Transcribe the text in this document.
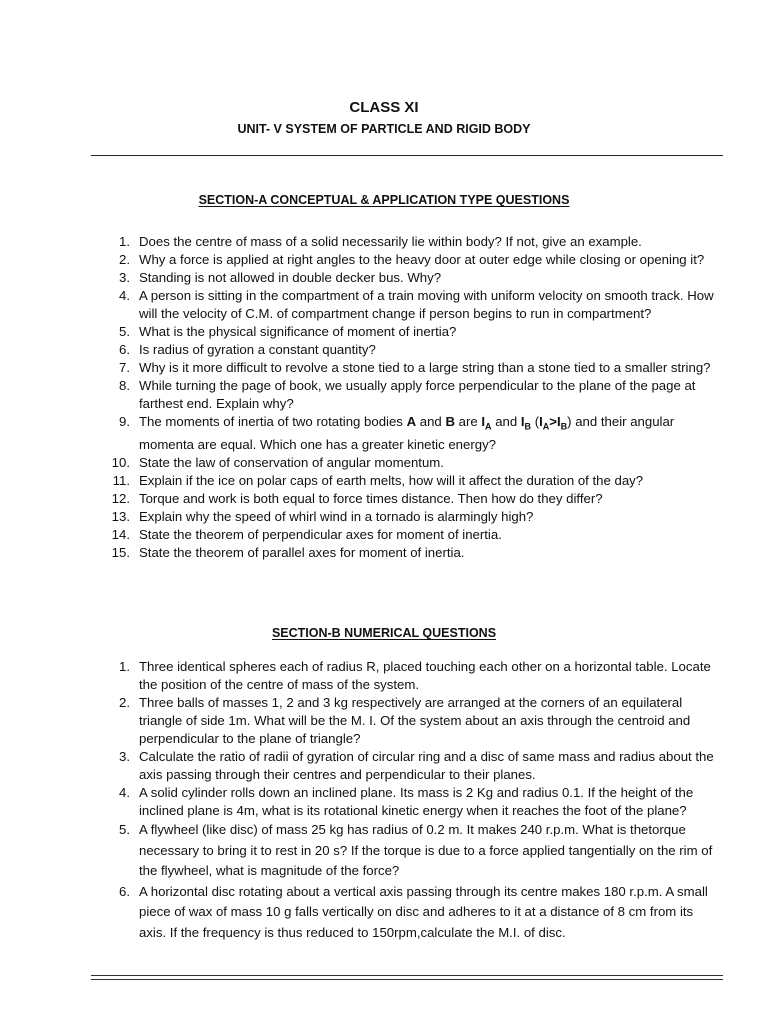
CLASS XI
UNIT- V SYSTEM OF PARTICLE AND RIGID BODY
SECTION-A CONCEPTUAL & APPLICATION TYPE QUESTIONS
1. Does the centre of mass of a solid necessarily lie within body? If not, give an example.
2. Why a force is applied at right angles to the heavy door at outer edge while closing or opening it?
3. Standing is not allowed in double decker bus. Why?
4. A person is sitting in the compartment of a train moving with uniform velocity on smooth track. How will the velocity of C.M. of compartment change if person begins to run in compartment?
5. What is the physical significance of moment of inertia?
6. Is radius of gyration a constant quantity?
7. Why is it more difficult to revolve a stone tied to a large string than a stone tied to a smaller string?
8. While turning the page of book, we usually apply force perpendicular to the plane of the page at farthest end. Explain why?
9. The moments of inertia of two rotating bodies A and B are $I_A$ and $I_B$ $(I_A>I_B)$ and their angular momenta are equal. Which one has a greater kinetic energy?
10. State the law of conservation of angular momentum.
11. Explain if the ice on polar caps of earth melts, how will it affect the duration of the day?
12. Torque and work is both equal to force times distance. Then how do they differ?
13. Explain why the speed of whirl wind in a tornado is alarmingly high?
14. State the theorem of perpendicular axes for moment of inertia.
15. State the theorem of parallel axes for moment of inertia.
SECTION-B NUMERICAL QUESTIONS
1. Three identical spheres each of radius R, placed touching each other on a horizontal table. Locate the position of the centre of mass of the system.
2. Three balls of masses 1, 2 and 3 kg respectively are arranged at the corners of an equilateral triangle of side 1m. What will be the M. I. Of the system about an axis through the centroid and perpendicular to the plane of triangle?
3. Calculate the ratio of radii of gyration of circular ring and a disc of same mass and radius about the axis passing through their centres and perpendicular to their planes.
4. A solid cylinder rolls down an inclined plane. Its mass is 2 Kg and radius 0.1. If the height of the inclined plane is 4m, what is its rotational kinetic energy when it reaches the foot of the plane?
5. A flywheel (like disc) of mass 25 kg has radius of 0.2 m. It makes 240 r.p.m. What is thetorque necessary to bring it to rest in 20 s? If the torque is due to a force applied tangentially on the rim of the flywheel, what is magnitude of the force?
6. A horizontal disc rotating about a vertical axis passing through its centre makes 180 r.p.m. A small piece of wax of mass 10 g falls vertically on disc and adheres to it at a distance of 8 cm from its axis. If the frequency is thus reduced to 150rpm,calculate the M.I. of disc.
